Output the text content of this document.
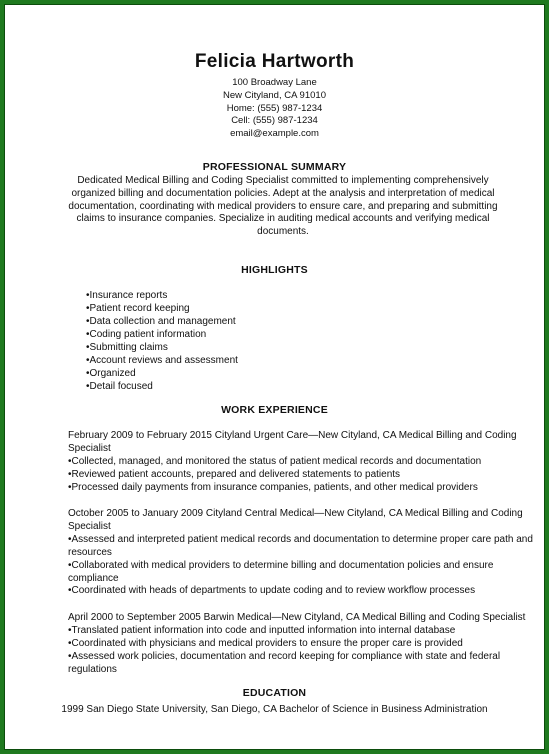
Felicia Hartworth
100 Broadway Lane
New Cityland, CA 91010
Home: (555) 987-1234
Cell: (555) 987-1234
email@example.com
PROFESSIONAL SUMMARY
Dedicated Medical Billing and Coding Specialist committed to implementing comprehensively organized billing and documentation policies. Adept at the analysis and interpretation of medical documentation, coordinating with medical providers to ensure care, and preparing and submitting claims to insurance companies. Specialize in auditing medical accounts and verifying medical documents.
HIGHLIGHTS
•Insurance reports
•Patient record keeping
•Data collection and management
•Coding patient information
•Submitting claims
•Account reviews and assessment
•Organized
•Detail focused
WORK EXPERIENCE

February 2009 to February 2015 Cityland Urgent Care—New Cityland, CA Medical Billing and Coding Specialist

•Collected, managed, and monitored the status of patient medical records and documentation

•Reviewed patient accounts, prepared and delivered statements to patients

•Processed daily payments from insurance companies, patients, and other medical providers

October 2005 to January 2009 Cityland Central Medical—New Cityland, CA Medical Billing and Coding Specialist

•Assessed and interpreted patient medical records and documentation to determine proper care path and resources

•Collaborated with medical providers to determine billing and documentation policies and ensure compliance

•Coordinated with heads of departments to update coding and to review workflow processes

April 2000 to September 2005 Barwin Medical—New Cityland, CA Medical Billing and Coding Specialist

•Translated patient information into code and inputted information into internal database

•Coordinated with physicians and medical providers to ensure the proper care is provided

•Assessed work policies, documentation and record keeping for compliance with state and federal regulations

EDUCATION
1999 San Diego State University, San Diego, CA Bachelor of Science in Business Administration
